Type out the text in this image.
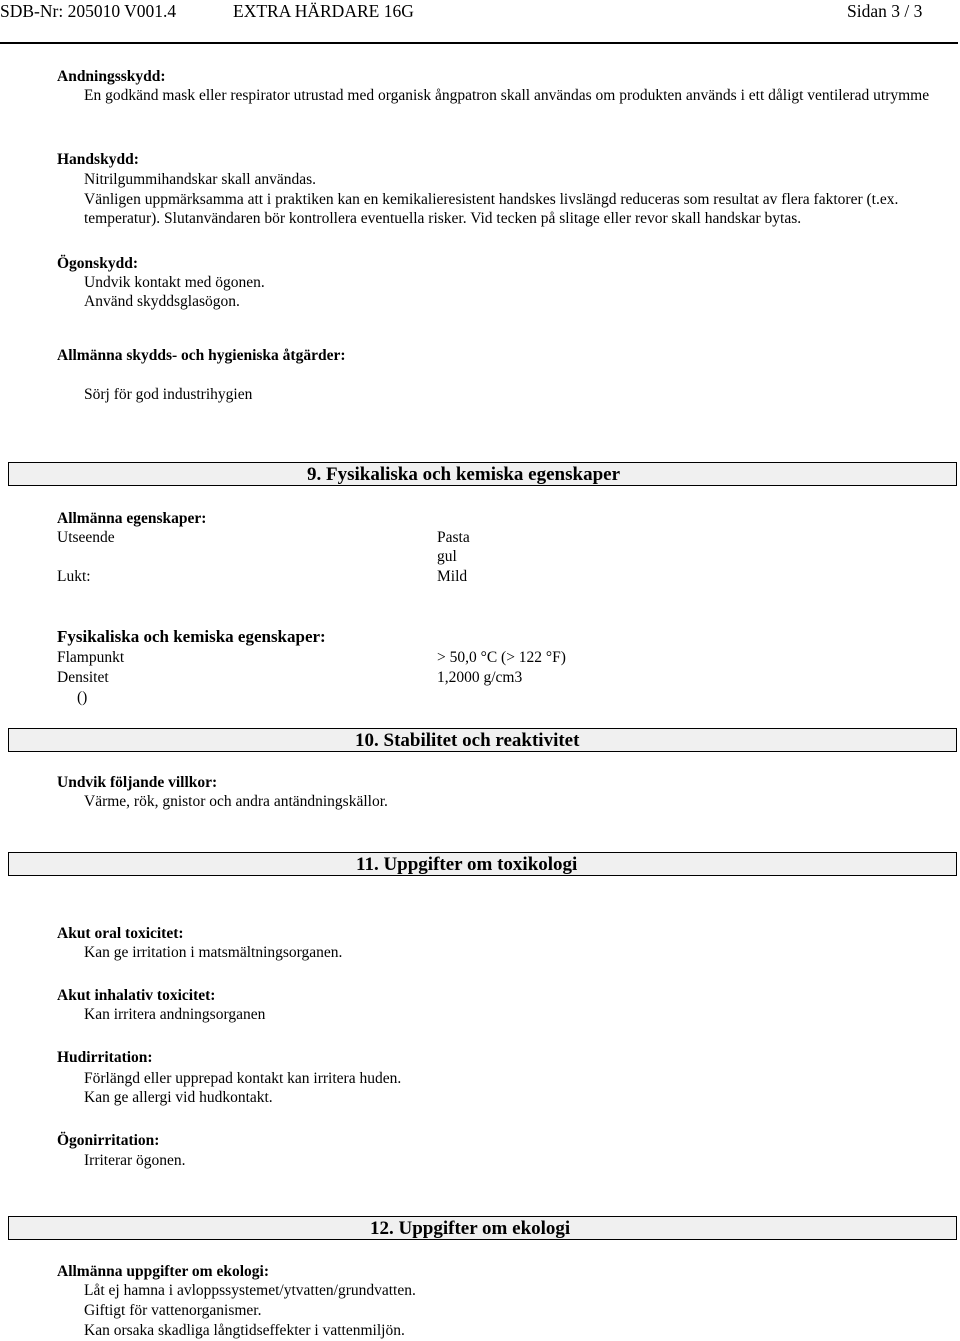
SDB-Nr: 205010 V001.4	EXTRA HÄRDARE 16G	Sidan 3 / 3
Andningsskydd:
En godkänd mask eller respirator utrustad med organisk ångpatron skall användas om produkten används i ett dåligt ventilerad utrymme
Handskydd:
Nitrilgummihandskar skall användas.
Vänligen uppmärksamma att i praktiken kan en kemikalieresistent handskes livslängd reduceras som resultat av flera faktorer (t.ex. temperatur). Slutanvändaren bör kontrollera eventuella risker. Vid tecken på slitage eller revor skall handskar bytas.
Ögonskydd:
Undvik kontakt med ögonen.
Använd skyddsglasögon.
Allmänna skydds- och hygieniska åtgärder:
Sörj för god industrihygien
9. Fysikaliska och kemiska egenskaper
Allmänna egenskaper:
Utseende	Pasta
gul
Lukt:	Mild
Fysikaliska och kemiska egenskaper:
Flampunkt	> 50,0 °C (> 122 °F)
Densitet	1,2000 g/cm3
()
10. Stabilitet och reaktivitet
Undvik följande villkor:
Värme, rök, gnistor och andra antändningskällor.
11. Uppgifter om toxikologi
Akut oral toxicitet:
Kan ge irritation i matsmältningsorganen.
Akut inhalativ toxicitet:
Kan irritera andningsorganen
Hudirritation:
Förlängd eller upprepad kontakt kan irritera huden.
Kan ge allergi vid hudkontakt.
Ögonirritation:
Irriterar ögonen.
12. Uppgifter om ekologi
Allmänna uppgifter om ekologi:
Låt ej hamna i avloppssystemet/ytvatten/grundvatten.
Giftigt för vattenorganismer.
Kan orsaka skadliga långtidseffekter i vattenmiljön.
